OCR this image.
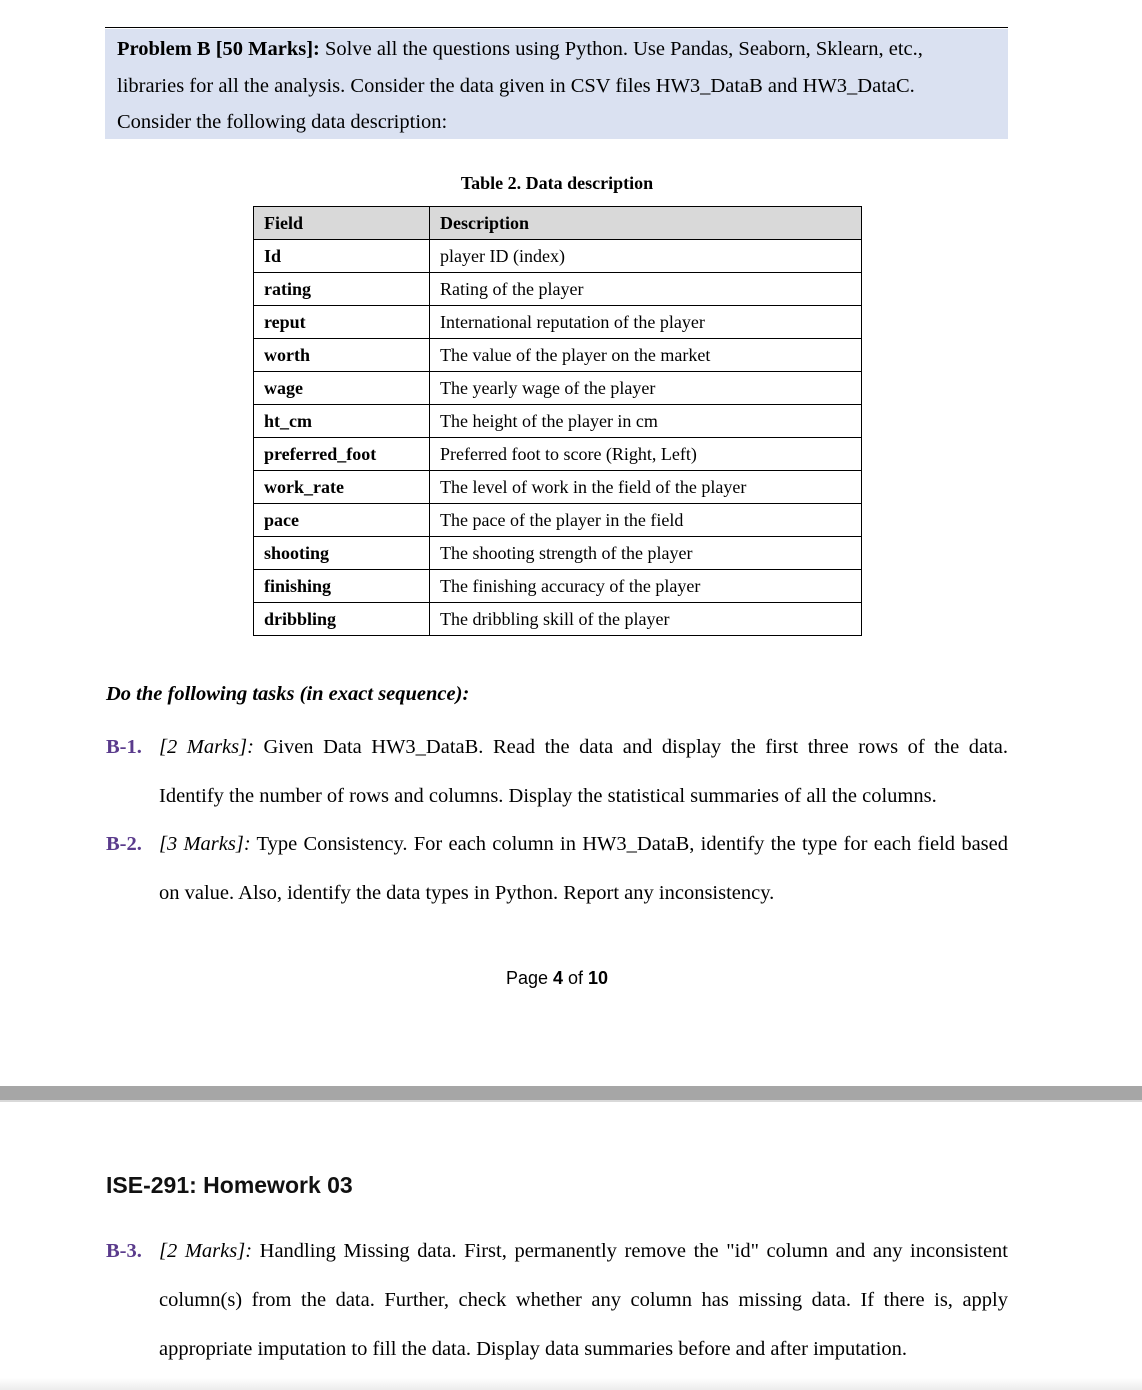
Problem B [50 Marks]: Solve all the questions using Python. Use Pandas, Seaborn, Sklearn, etc.,
libraries for all the analysis. Consider the data given in CSV files HW3_DataB and HW3_DataC.
Consider the following data description:
Table 2. Data description
Field	Description
Id	player ID (index)
rating	Rating of the player
reput	International reputation of the player
worth	The value of the player on the market
wage	The yearly wage of the player
ht_cm	The height of the player in cm
preferred_foot	Preferred foot to score (Right, Left)
work_rate	The level of work in the field of the player
pace	The pace of the player in the field
shooting	The shooting strength of the player
finishing	The finishing accuracy of the player
dribbling	The dribbling skill of the player
Do the following tasks (in exact sequence):
B-1. [2 Marks]: Given Data HW3_DataB. Read the data and display the first three rows of the data.
Identify the number of rows and columns. Display the statistical summaries of all the columns.
B-2. [3 Marks]: Type Consistency. For each column in HW3_DataB, identify the type for each field based
on value. Also, identify the data types in Python. Report any inconsistency.
Page 4 of 10
ISE-291: Homework 03
B-3. [2 Marks]: Handling Missing data. First, permanently remove the "id" column and any inconsistent
column(s) from the data. Further, check whether any column has missing data. If there is, apply
appropriate imputation to fill the data. Display data summaries before and after imputation.
